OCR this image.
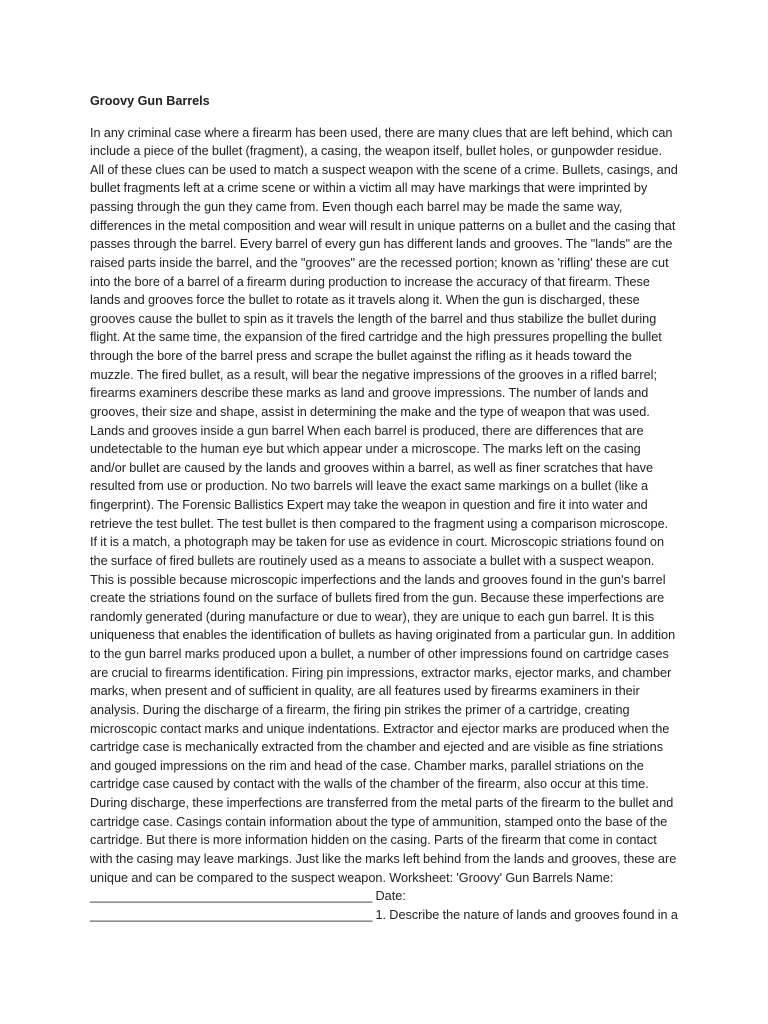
Groovy Gun Barrels

In any criminal case where a firearm has been used, there are many clues that are left behind, which can include a piece of the bullet (fragment), a casing, the weapon itself, bullet holes, or gunpowder residue. All of these clues can be used to match a suspect weapon with the scene of a crime. Bullets, casings, and bullet fragments left at a crime scene or within a victim all may have markings that were imprinted by passing through the gun they came from. Even though each barrel may be made the same way, differences in the metal composition and wear will result in unique patterns on a bullet and the casing that passes through the barrel. Every barrel of every gun has different lands and grooves. The "lands" are the raised parts inside the barrel, and the "grooves" are the recessed portion; known as 'rifling' these are cut into the bore of a barrel of a firearm during production to increase the accuracy of that firearm. These lands and grooves force the bullet to rotate as it travels along it. When the gun is discharged, these grooves cause the bullet to spin as it travels the length of the barrel and thus stabilize the bullet during flight. At the same time, the expansion of the fired cartridge and the high pressures propelling the bullet through the bore of the barrel press and scrape the bullet against the rifling as it heads toward the muzzle. The fired bullet, as a result, will bear the negative impressions of the grooves in a rifled barrel; firearms examiners describe these marks as land and groove impressions. The number of lands and grooves, their size and shape, assist in determining the make and the type of weapon that was used. Lands and grooves inside a gun barrel When each barrel is produced, there are differences that are undetectable to the human eye but which appear under a microscope. The marks left on the casing and/or bullet are caused by the lands and grooves within a barrel, as well as finer scratches that have resulted from use or production. No two barrels will leave the exact same markings on a bullet (like a fingerprint). The Forensic Ballistics Expert may take the weapon in question and fire it into water and retrieve the test bullet. The test bullet is then compared to the fragment using a comparison microscope. If it is a match, a photograph may be taken for use as evidence in court. Microscopic striations found on the surface of fired bullets are routinely used as a means to associate a bullet with a suspect weapon. This is possible because microscopic imperfections and the lands and grooves found in the gun's barrel create the striations found on the surface of bullets fired from the gun. Because these imperfections are randomly generated (during manufacture or due to wear), they are unique to each gun barrel. It is this uniqueness that enables the identification of bullets as having originated from a particular gun. In addition to the gun barrel marks produced upon a bullet, a number of other impressions found on cartridge cases are crucial to firearms identification. Firing pin impressions, extractor marks, ejector marks, and chamber marks, when present and of sufficient in quality, are all features used by firearms examiners in their analysis. During the discharge of a firearm, the firing pin strikes the primer of a cartridge, creating microscopic contact marks and unique indentations. Extractor and ejector marks are produced when the cartridge case is mechanically extracted from the chamber and ejected and are visible as fine striations and gouged impressions on the rim and head of the case. Chamber marks, parallel striations on the cartridge case caused by contact with the walls of the chamber of the firearm, also occur at this time. During discharge, these imperfections are transferred from the metal parts of the firearm to the bullet and cartridge case. Casings contain information about the type of ammunition, stamped onto the base of the cartridge. But there is more information hidden on the casing. Parts of the firearm that come in contact with the casing may leave markings. Just like the marks left behind from the lands and grooves, these are unique and can be compared to the suspect weapon. Worksheet: 'Groovy' Gun Barrels Name: ________________________________________ Date: ________________________________________ 1. Describe the nature of lands and grooves found in a
